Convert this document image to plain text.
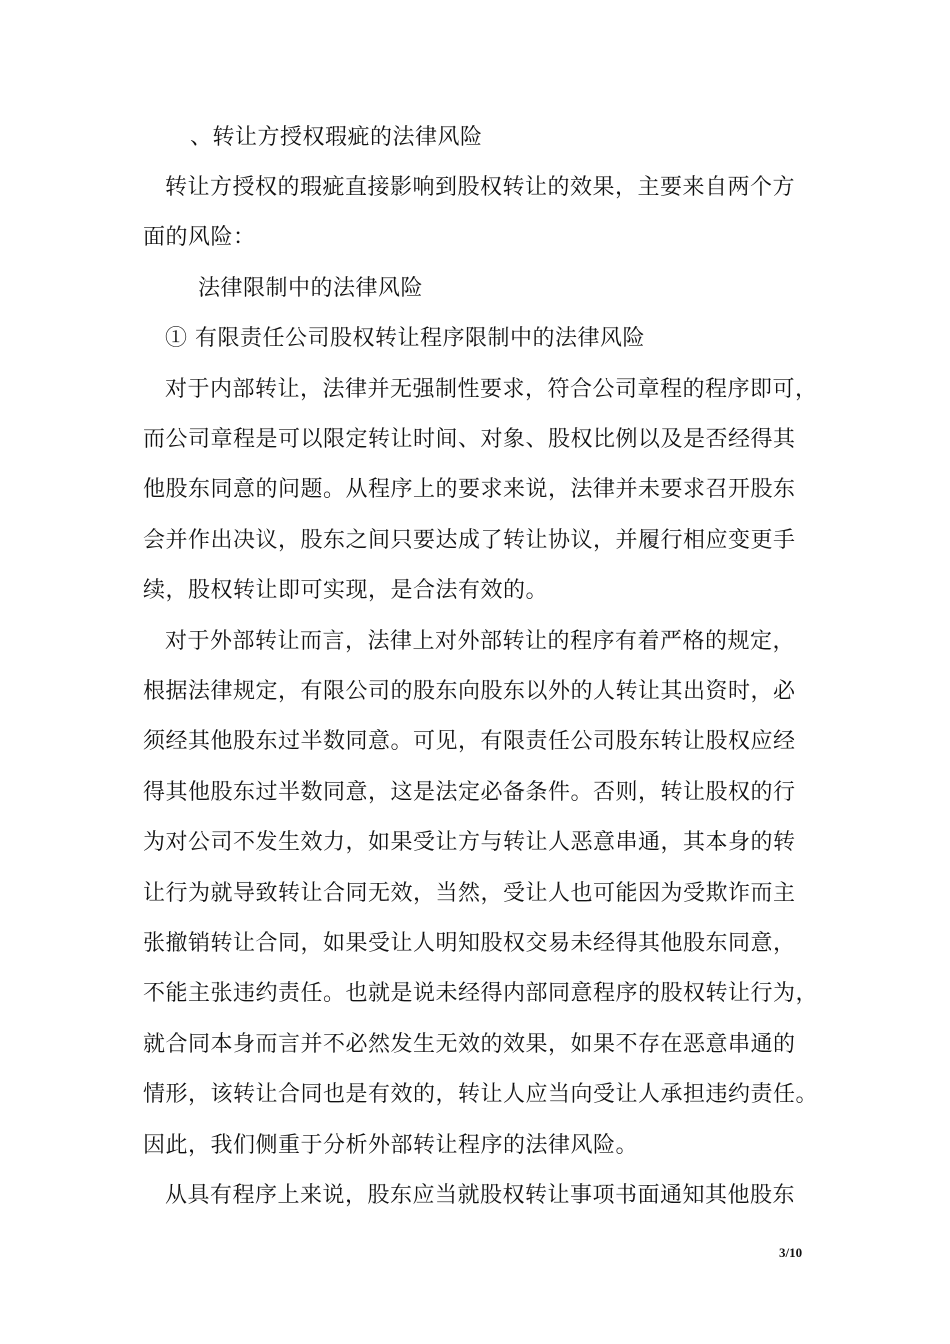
、转让方授权瑕疵的法律风险
转让方授权的瑕疵直接影响到股权转让的效果，主要来自两个方
面的风险：
法律限制中的法律风险
① 有限责任公司股权转让程序限制中的法律风险
对于内部转让，法律并无强制性要求，符合公司章程的程序即可，
而公司章程是可以限定转让时间、对象、股权比例以及是否经得其
他股东同意的问题。从程序上的要求来说，法律并未要求召开股东
会并作出决议，股东之间只要达成了转让协议，并履行相应变更手
续，股权转让即可实现，是合法有效的。
对于外部转让而言，法律上对外部转让的程序有着严格的规定，
根据法律规定，有限公司的股东向股东以外的人转让其出资时，必
须经其他股东过半数同意。可见，有限责任公司股东转让股权应经
得其他股东过半数同意，这是法定必备条件。否则，转让股权的行
为对公司不发生效力，如果受让方与转让人恶意串通，其本身的转
让行为就导致转让合同无效，当然，受让人也可能因为受欺诈而主
张撤销转让合同，如果受让人明知股权交易未经得其他股东同意，
不能主张违约责任。也就是说未经得内部同意程序的股权转让行为，
就合同本身而言并不必然发生无效的效果，如果不存在恶意串通的
情形，该转让合同也是有效的，转让人应当向受让人承担违约责任。
因此，我们侧重于分析外部转让程序的法律风险。
从具有程序上来说，股东应当就股权转让事项书面通知其他股东
3/10
